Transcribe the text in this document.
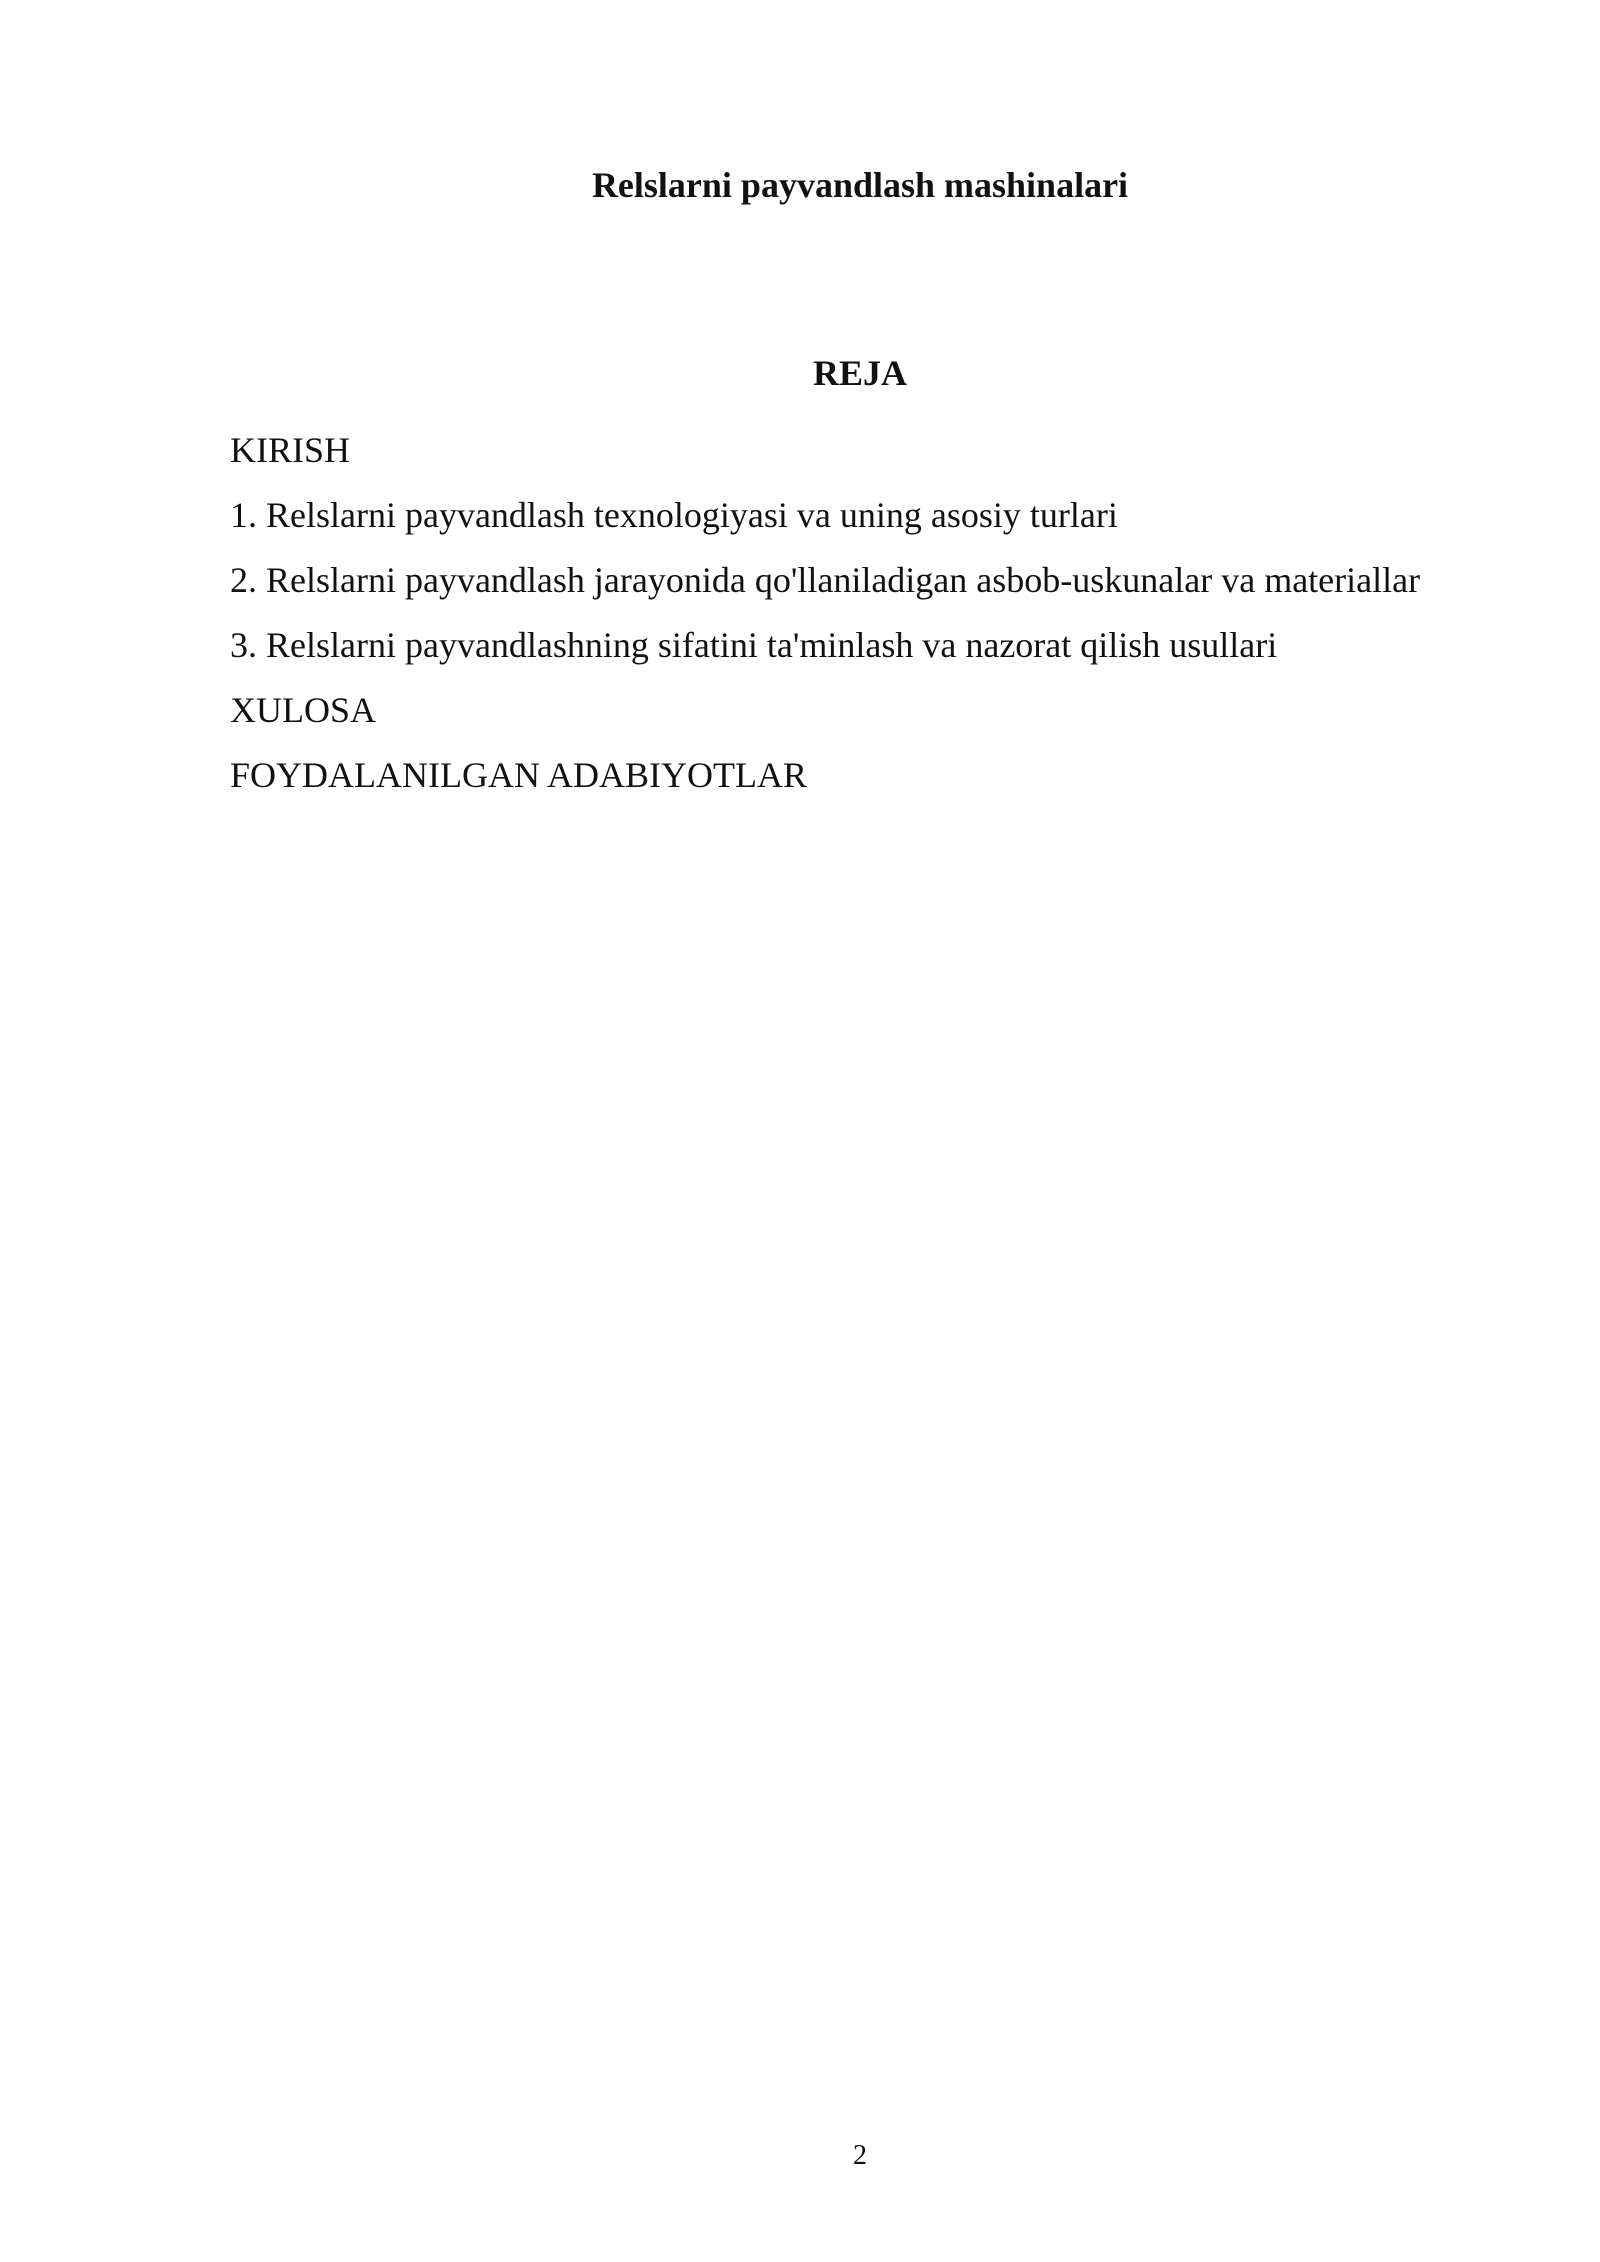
Relslarni payvandlash mashinalari
REJA
KIRISH
1. Relslarni payvandlash texnologiyasi va uning asosiy turlari
2. Relslarni payvandlash jarayonida qo'llaniladigan asbob-uskunalar va materiallar
3. Relslarni payvandlashning sifatini ta'minlash va nazorat qilish usullari
XULOSA
FOYDALANILGAN ADABIYOTLAR
2
